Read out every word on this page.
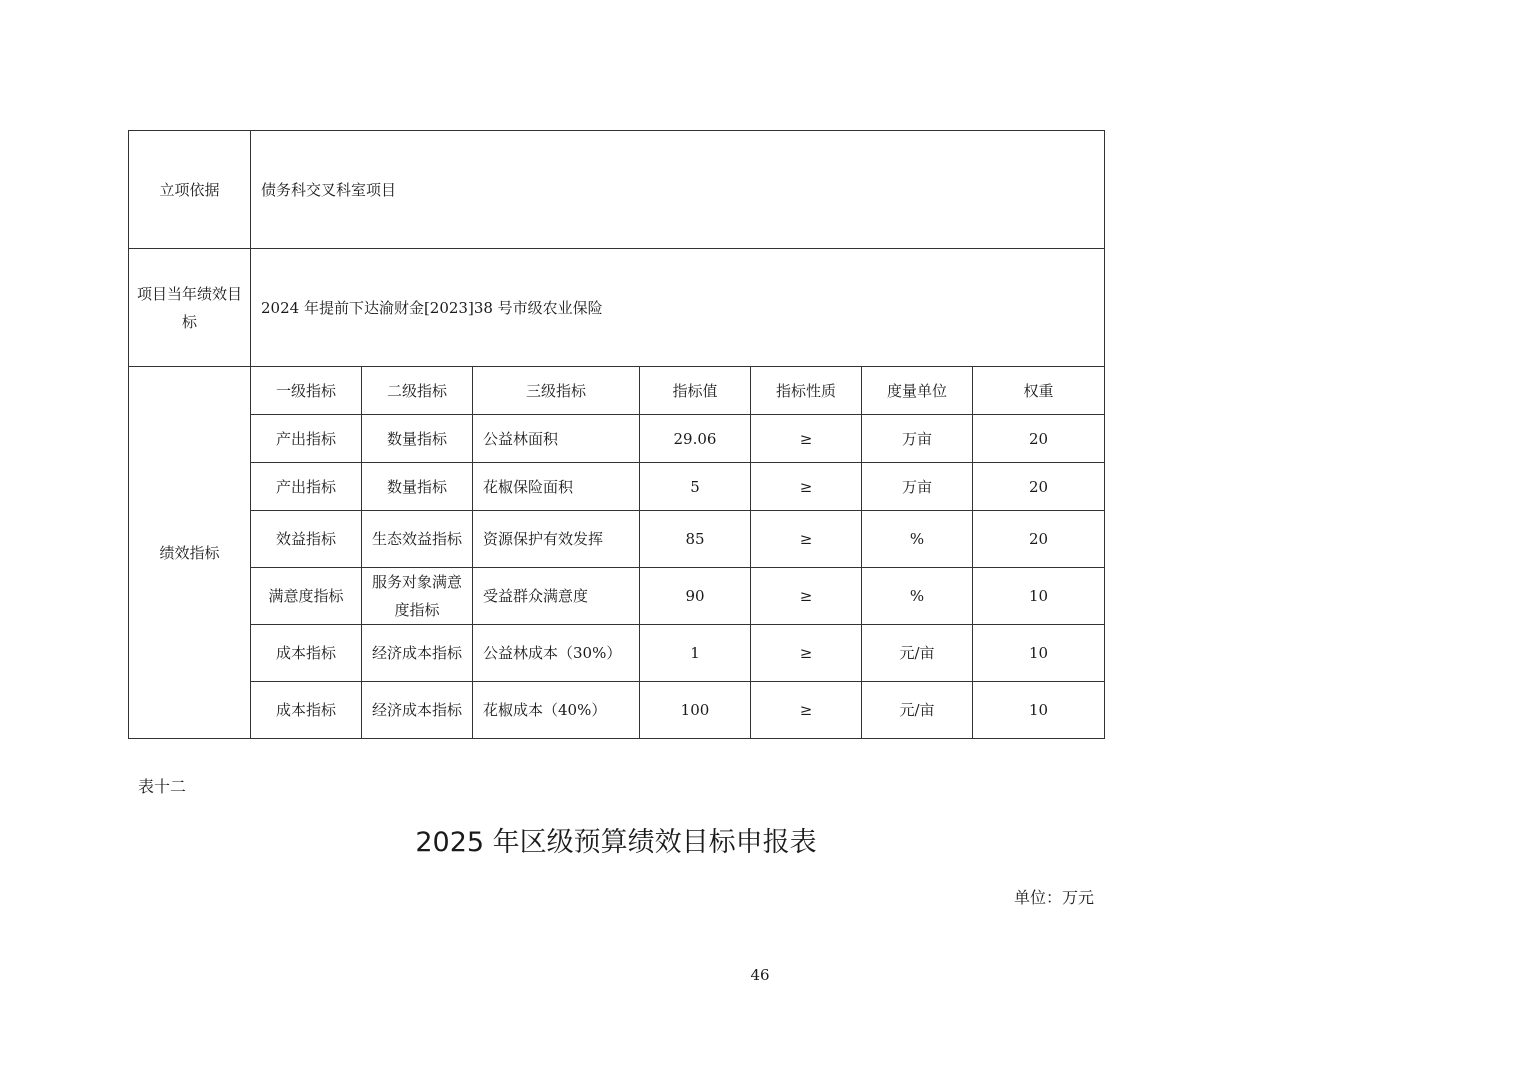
立项依据	债务科交叉科室项目						
项目当年绩效目标	2024 年提前下达渝财金[2023]38 号市级农业保险						
绩效指标	一级指标	二级指标	三级指标	指标值	指标性质	度量单位	权重
	产出指标	数量指标	公益林面积	29.06	≥	万亩	20
	产出指标	数量指标	花椒保险面积	5	≥	万亩	20
	效益指标	生态效益指标	资源保护有效发挥	85	≥	%	20
	满意度指标	服务对象满意度指标	受益群众满意度	90	≥	%	10
	成本指标	经济成本指标	公益林成本（30%）	1	≥	元/亩	10
	成本指标	经济成本指标	花椒成本（40%）	100	≥	元/亩	10
表十二
2025 年区级预算绩效目标申报表
单位：万元
46
